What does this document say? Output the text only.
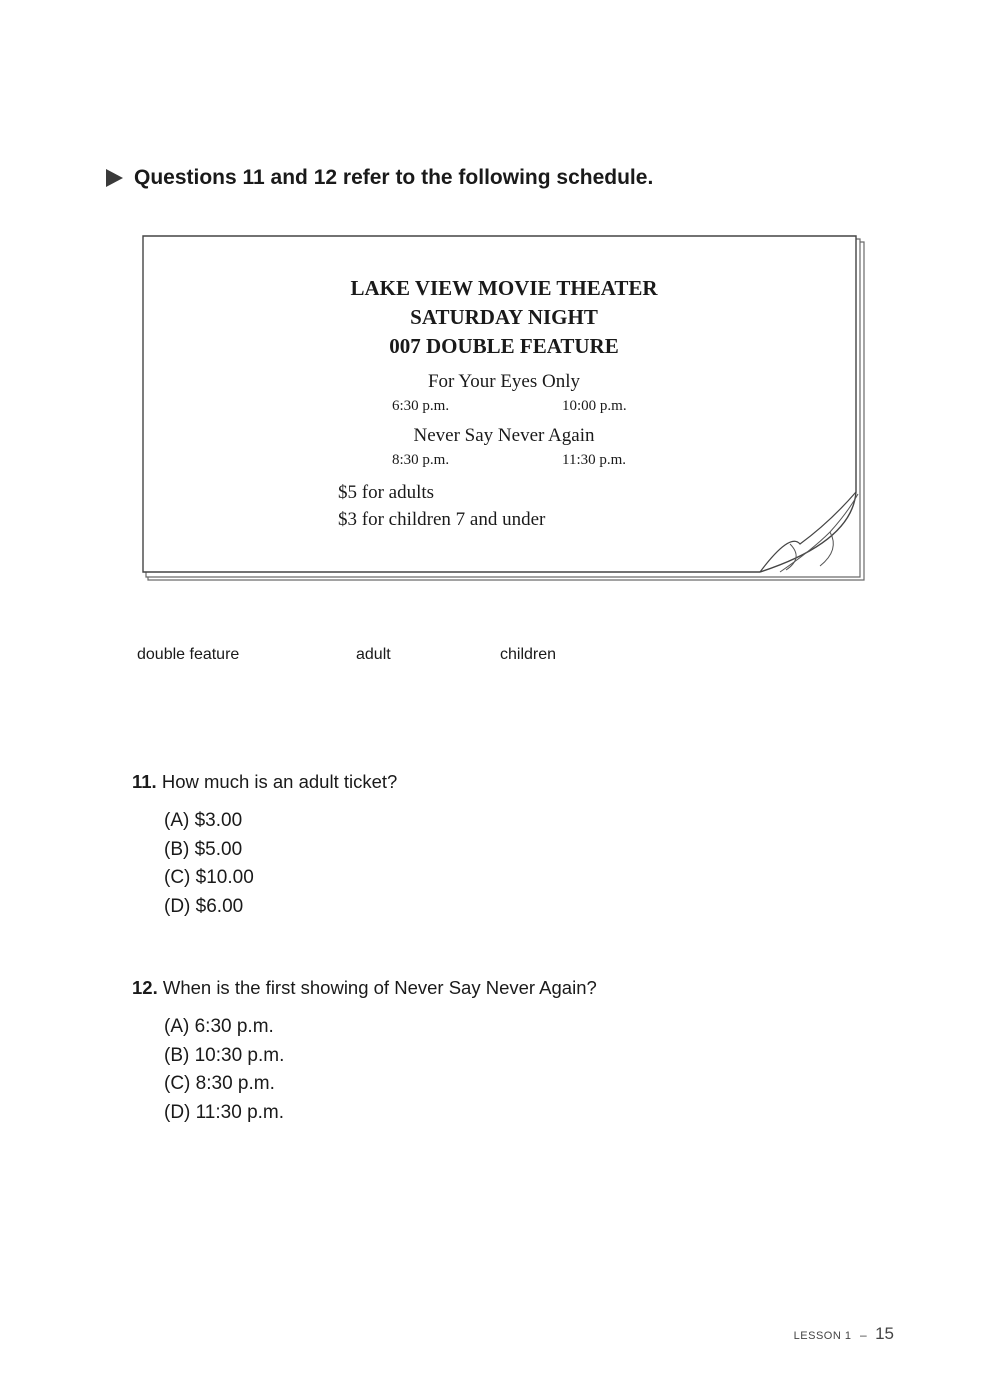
Questions 11 and 12 refer to the following schedule.
LAKE VIEW MOVIE THEATER
SATURDAY NIGHT
007 DOUBLE FEATURE
For Your Eyes Only
6:30 p.m.	10:00 p.m.
Never Say Never Again
8:30 p.m.	11:30 p.m.
$5 for adults
$3 for children 7 and under
double feature	adult	children
11. How much is an adult ticket?
(A) $3.00
(B) $5.00
(C) $10.00
(D) $6.00
12. When is the first showing of Never Say Never Again?
(A) 6:30 p.m.
(B) 10:30 p.m.
(C) 8:30 p.m.
(D) 11:30 p.m.
LESSON 1 – 15
